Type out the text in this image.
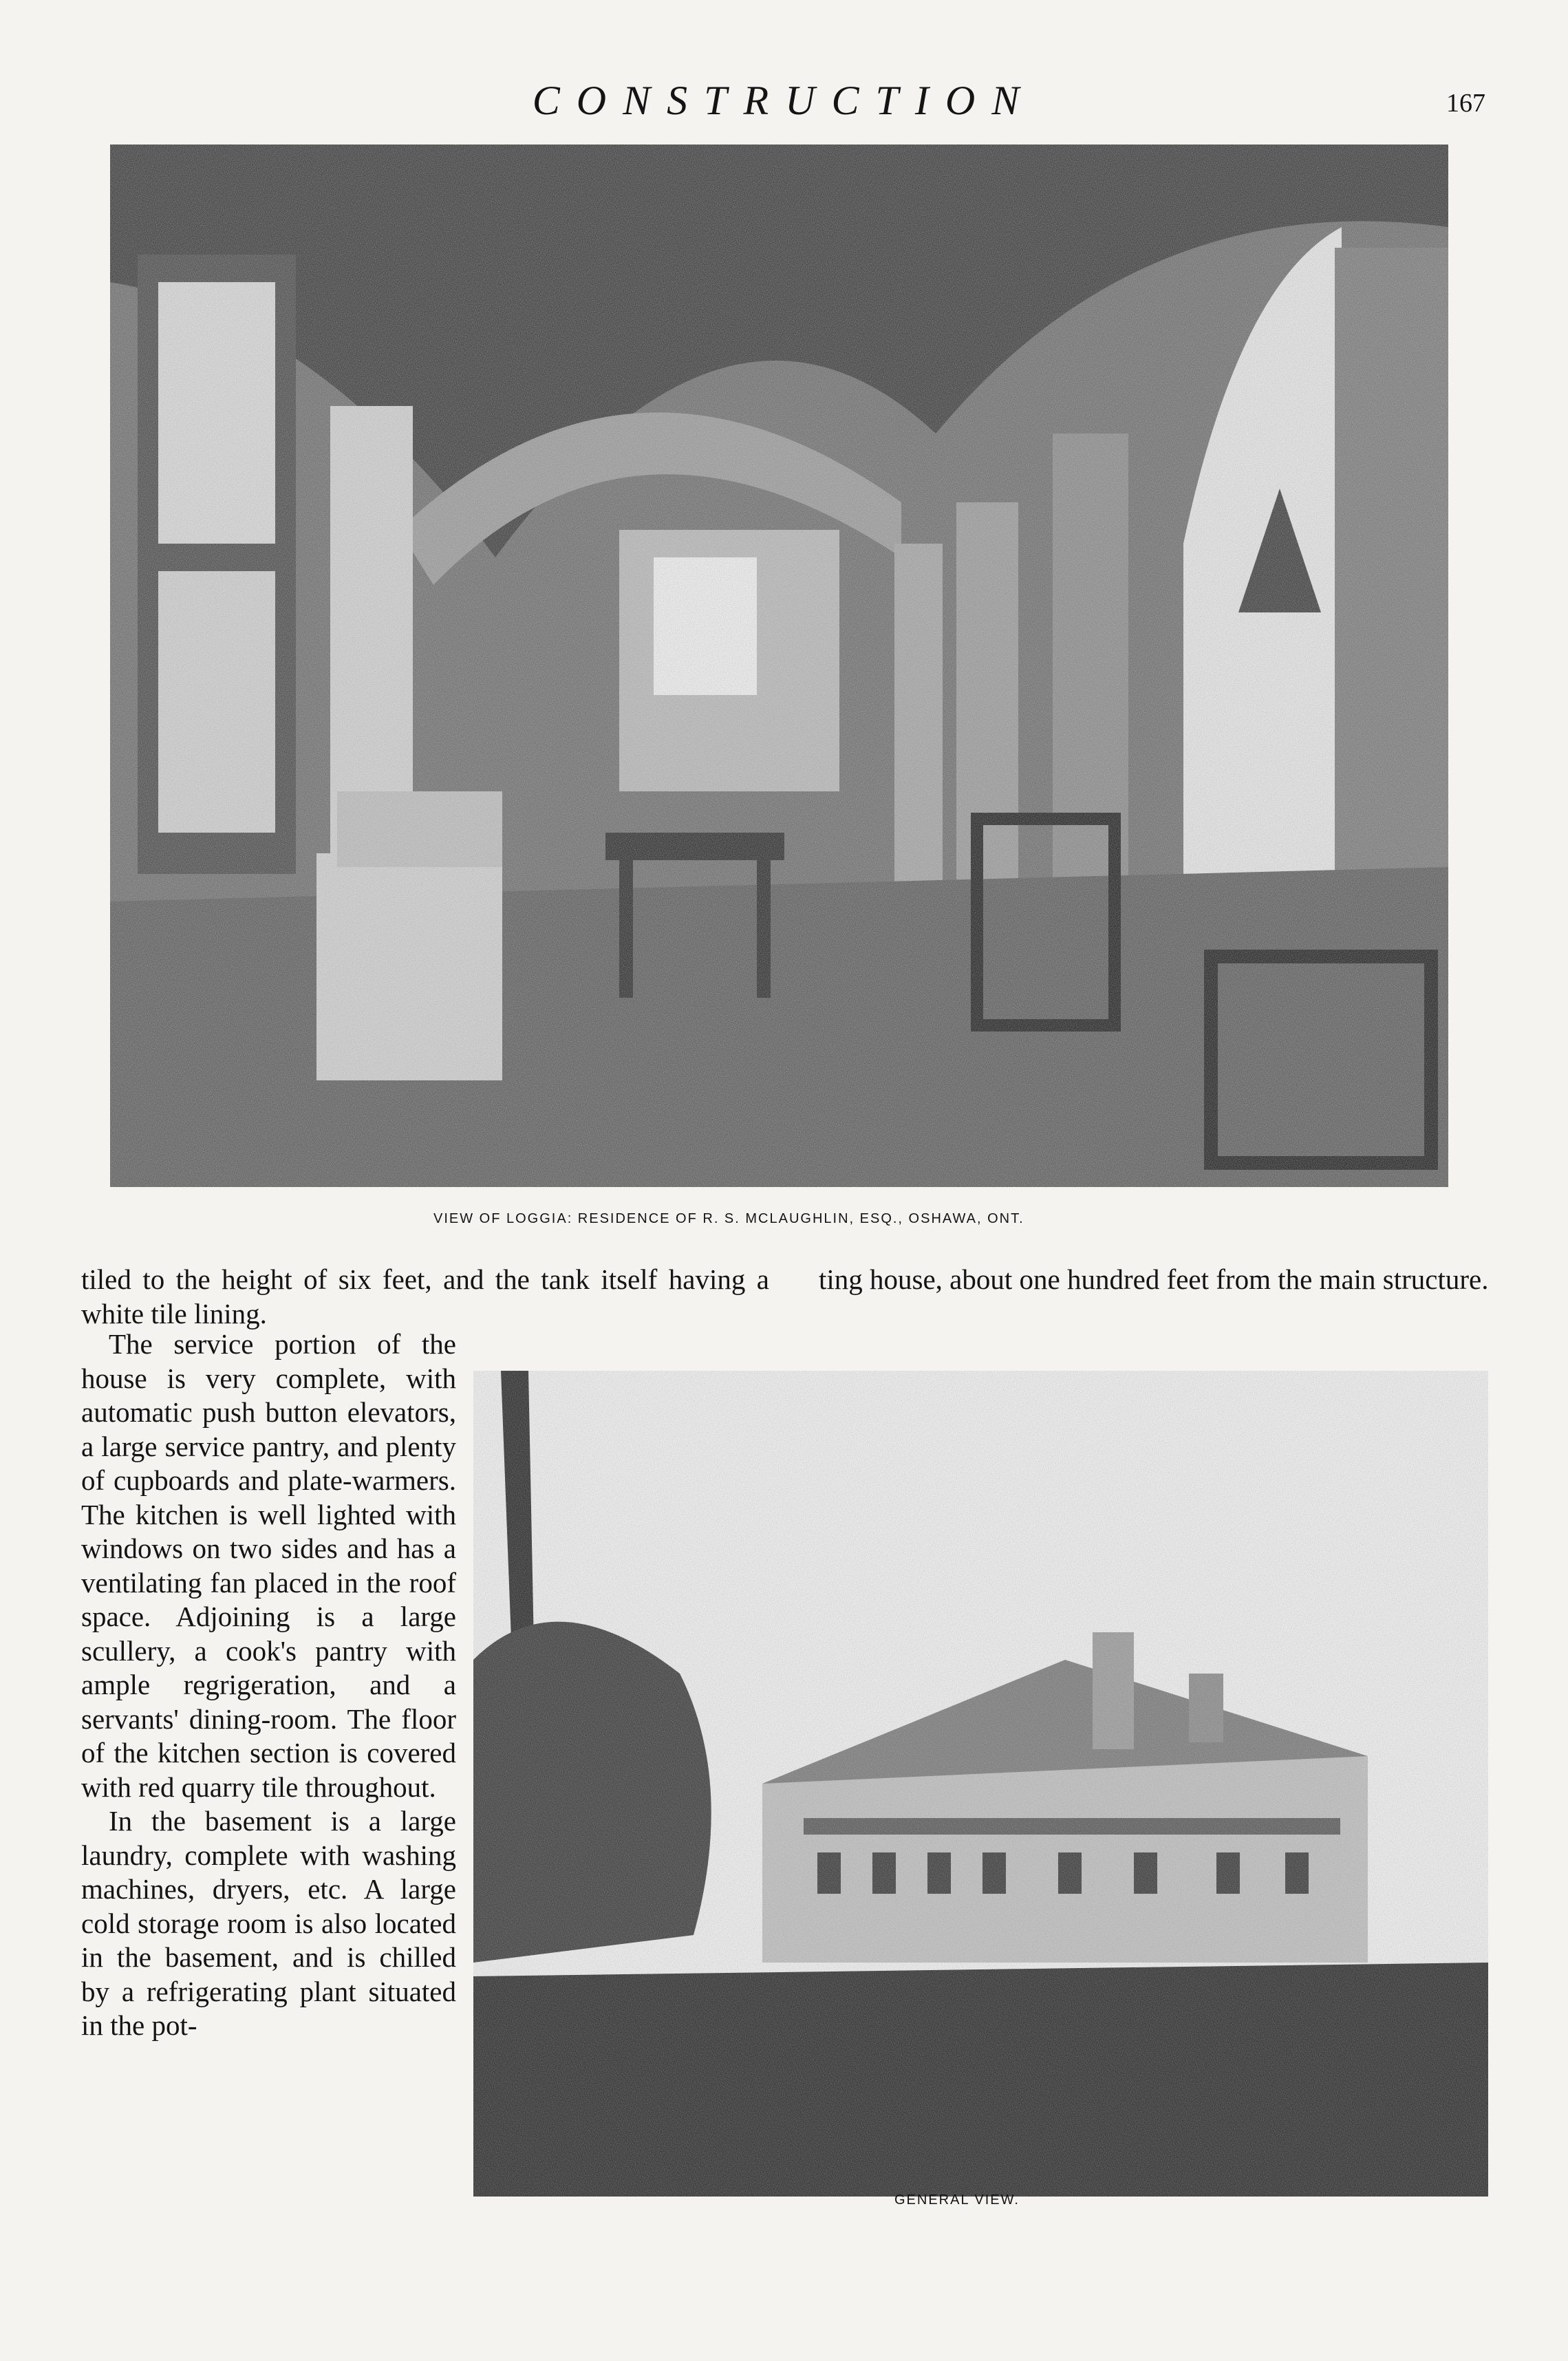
CONSTRUCTION	167
VIEW OF LOGGIA: RESIDENCE OF R. S. MCLAUGHLIN, ESQ., OSHAWA, ONT.

tiled to the height of six feet, and the tank itself having a white tile lining.

ting house, about one hundred feet from the main structure.

The service portion of the house is very complete, with automatic push button elevators, a large service pantry, and plenty of cupboards and plate-warmers. The kitchen is well lighted with windows on two sides and has a ventilating fan placed in the roof space. Adjoining is a large scullery, a cook's pantry with ample regrigeration, and a servants' dining-room. The floor of the kitchen section is covered with red quarry tile throughout.

In the basement is a large laundry, complete with washing machines, dryers, etc. A large cold storage room is also located in the basement, and is chilled by a refrigerating plant situated in the pot-

GENERAL VIEW.
